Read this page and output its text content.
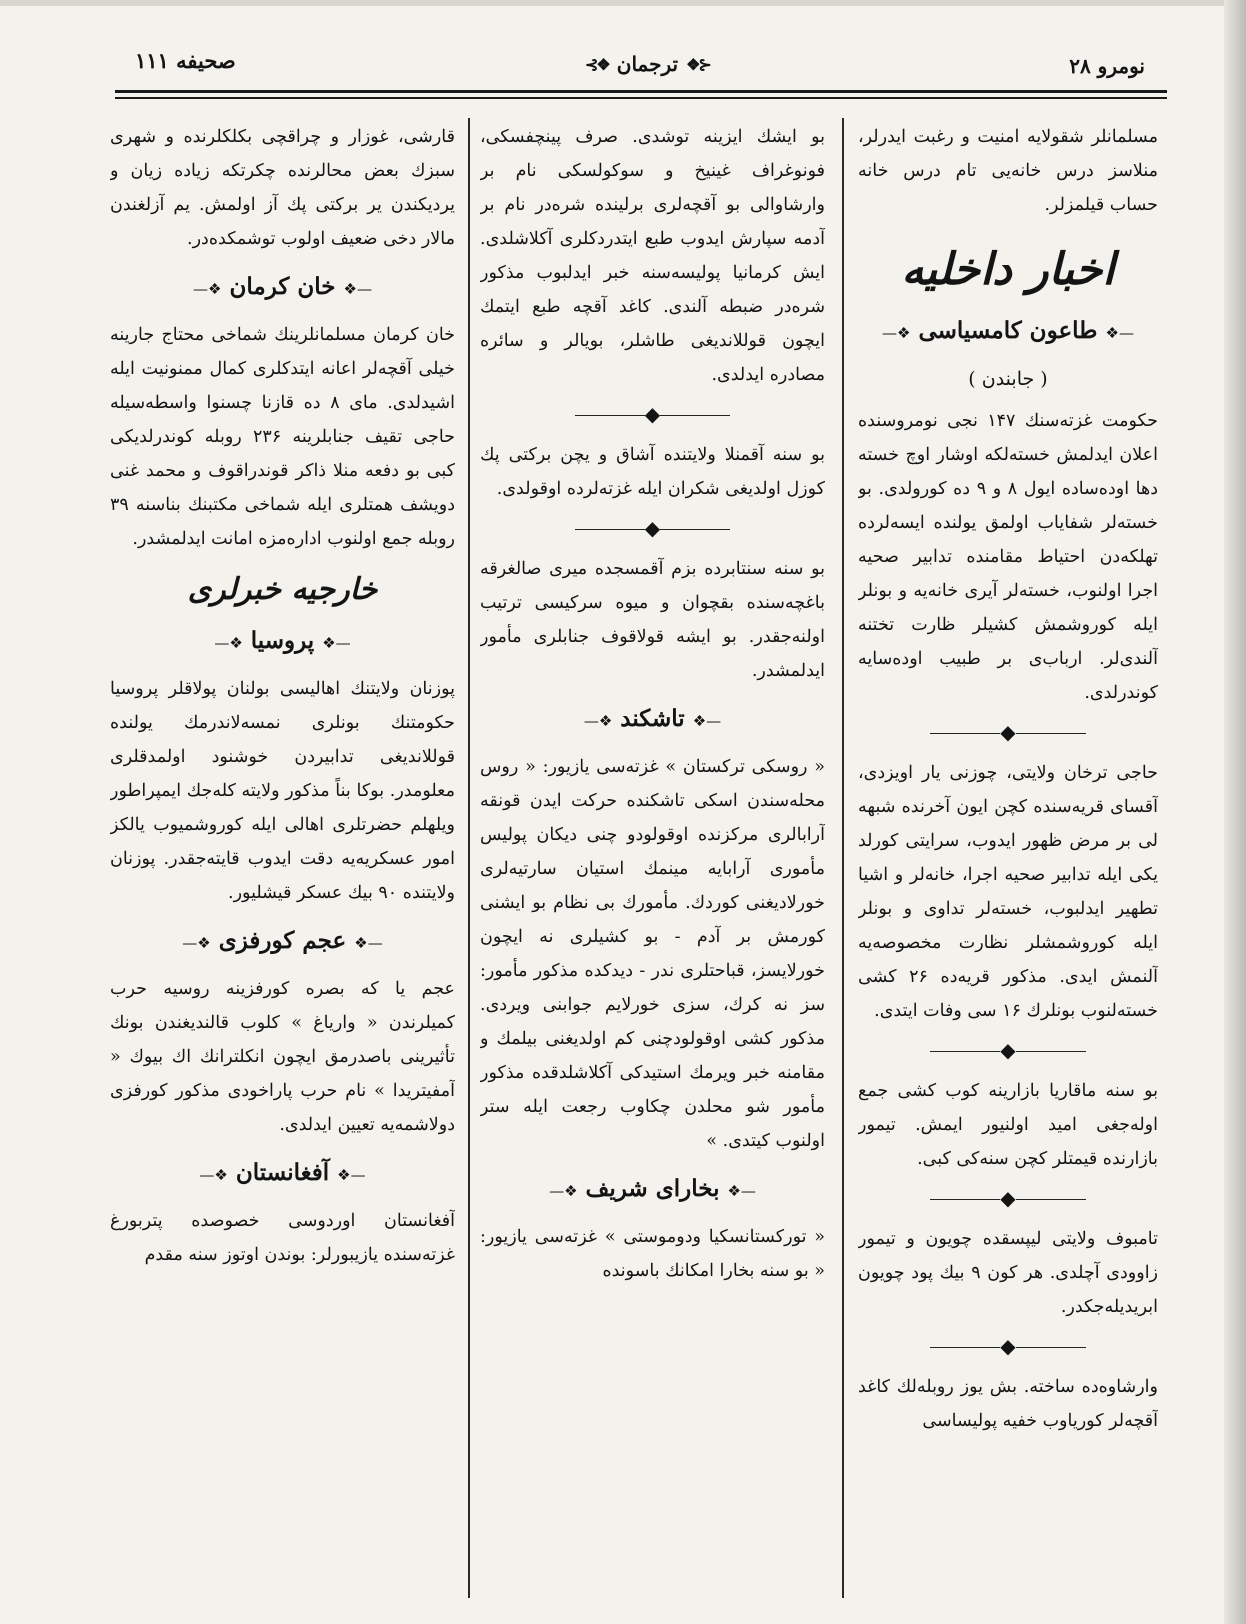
صحيفه ۱۱۱	⊰❖
ترجمان
❖⊱	نومرو ۲۸

مسلمانلر شقولايه امنيت و رغبت ايدرلر، منلاسز درس خانه‌يى تام درس خانه حساب قيلمزلر.

اخبار داخليه
—❖ طاعون كامسياسى ❖—
( جابندن )

حكومت غزته‌سنك ۱۴۷ نجى نومروسنده اعلان ايدلمش خسته‌لكه اوشار اوچ خسته دها اوده‌ساده ايول ۸ و ۹ ده كورولدى. بو خسته‌لر شفاياب اولمق يولنده ايسه‌لرده تهلكه‌دن احتياط مقامنده تدابير صحيه اجرا اولنوب، خسته‌لر آيرى خانه‌يه و بونلر ايله كوروشمش كشيلر ظارت تختنه آلندى‌لر. ارباب‌ى بر طبيب اوده‌سايه كوندرلدى.

◆

حاجى ترخان ولايتى، چوزنى يار اويزدى، آقساى قريه‌سنده كچن ايون آخرنده شبهه لى بر مرض ظهور ايدوب، سرايتى كورلد يكى ايله تدابير صحيه اجرا، خانه‌لر و اشيا تطهير ايدلبوب، خسته‌لر تداوى و بونلر ايله كوروشمشلر نظارت مخصوصه‌يه آلنمش ايدى. مذكور قريه‌ده ۲۶ كشى خسته‌لنوب بونلرك ۱۶ سى وفات ايتدى.

◆

بو سنه ماقاريا بازارينه كوب كشى جمع اوله‌جغى اميد اولنيور ايمش. تيمور بازارنده قيمتلر كچن سنه‌كى كبى.

◆

تامبوف ولايتى ليپسقده چويون و تيمور زاوودى آچلدى. هر كون ۹ بيك پود چويون ابريديله‌جكدر.

◆

وارشاوه‌ده ساخته. بش يوز روبله‌لك كاغد آقچه‌لر كورياوب خفيه پوليساسى

بو ايشك ايزينه توشدى. صرف پينچفسكى، فونوغراف غينيخ و سوكولسكى نام بر وارشاوالى بو آقچه‌لرى برلينده شره‌در نام بر آدمه سپارش ايدوب طبع ايتدردكلرى آكلاشلدى. ايش كرمانيا پوليسه‌سنه خبر ايدلبوب مذكور شره‌در ضبطه آلندى. كاغد آقچه طبع ايتمك ايچون قوللانديغى طاشلر، بويالر و سائره مصادره ايدلدى.

◆

بو سنه آقمنلا ولايتنده آشاق و يچن بركتى پك كوزل اولديغى شكران ايله غزته‌لرده اوقولدى.

◆

بو سنه سنتابرده بزم آقمسجده ميرى صالغرقه باغچه‌سنده بقچوان و ميوه سركيسى ترتيب اولنه‌جقدر. بو ايشه قولاقوف جنابلرى مأمور ايدلمشدر.

—❖ تاشكند ❖—

« روسكى تركستان » غزته‌سى يازيور: « روس محله‌سندن اسكى تاشكنده حركت ايدن قونقه آرابالرى مركزنده اوقولودو چنى ديكان پوليس مأمورى آرابايه مينمك استيان سارتيه‌لرى خورلاديغنى كوردك. مأمورك بى نظام بو ايشنى كورمش بر آدم - بو كشيلرى نه ايچون خورلايسز، قباحتلرى ندر - ديدكده مذكور مأمور: سز نه كرك، سزى خورلايم جوابنى ويردى. مذكور كشى اوقولودچنى كم اولديغنى بيلمك و مقامنه خبر ويرمك استيدكى آكلاشلدقده مذكور مأمور شو محلدن چكاوب رجعت ايله ستر اولنوب كيتدى. »

—❖ بخاراى شريف ❖—

« توركستانسكيا ودوموستى » غزته‌سى يازيور: « بو سنه بخارا امكانك باسونده

قارشى، غوزار و چراقچى بكلكلرنده و شهرى سبزك بعض محالرنده چكرتكه زياده زيان و يرديكندن ير بركتى پك آز اولمش. يم آزلغندن مالار دخى ضعيف اولوب توشمكده‌در.

—❖ خان كرمان ❖—

خان كرمان مسلمانلرينك شماخى محتاج جارينه خيلى آقچه‌لر اعانه ايتدكلرى كمال ممنونيت ايله اشيدلدى. ماى ۸ ده قازنا چسنوا واسطه‌سيله حاجى تقيف جنابلرينه ۲۳۶ روبله كوندرلديكى كبى بو دفعه منلا ذاكر قوندراقوف و محمد غنى دويشف همتلرى ايله شماخى مكتبنك بناسنه ۳۹ روبله جمع اولنوب اداره‌مزه امانت ايدلمشدر.

خارجيه خبرلرى
—❖ پروسيا ❖—

پوزنان ولايتنك اهاليسى بولنان پولاقلر پروسيا حكومتنك بونلرى نمسه‌لاندرمك يولنده قوللانديغى تدابيردن خوشنود اولمدقلرى معلومدر. بوكا بناً مذكور ولايته كله‌جك ايمپراطور ويلهلم حضرتلرى اهالى ايله كوروشميوب يالكز امور عسكريه‌يه دقت ايدوب قايته‌جقدر. پوزنان ولايتنده ۹۰ بيك عسكر قيشليور.

—❖ عجم كورفزى ❖—

عجم يا كه بصره كورفزينه روسيه حرب كميلرندن « وارياغ » كلوب قالنديغندن بونك تأثيرينى باصدرمق ايچون انكلترانك اك بيوك « آمفيتريدا » نام حرب پاراخودى مذكور كورفزى دولاشمه‌يه تعيين ايدلدى.

—❖ آفغانستان ❖—

آفغانستان اوردوسى خصوصده پتربورغ غزته‌سنده يازيبورلر: بوندن اوتوز سنه مقدم
